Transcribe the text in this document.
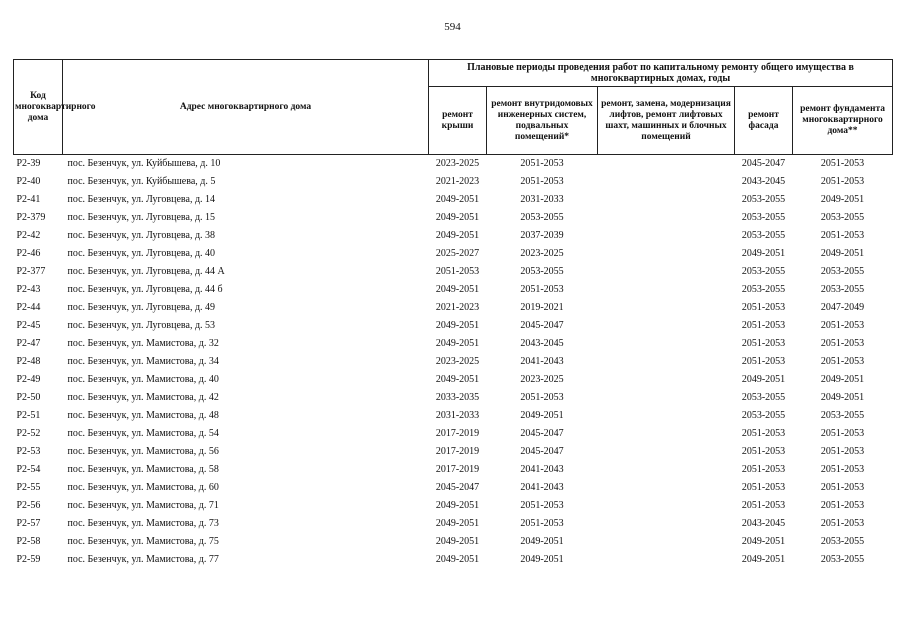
594
Код многоквартирного дома	Адрес многоквартирного дома	Плановые периоды проведения работ по капитальному ремонту общего имущества в многоквартирных домах, годы				
		ремонт крыши	ремонт внутридомовых инженерных систем, подвальных помещений*	ремонт, замена, модернизация лифтов, ремонт лифтовых шахт, машинных и блочных помещений	ремонт фасада	ремонт фундамента многоквартирного дома**
P2-39	пос. Безенчук, ул. Куйбышева, д. 10	2023-2025	2051-2053		2045-2047	2051-2053
P2-40	пос. Безенчук, ул. Куйбышева, д. 5	2021-2023	2051-2053		2043-2045	2051-2053
P2-41	пос. Безенчук, ул. Луговцева, д. 14	2049-2051	2031-2033		2053-2055	2049-2051
P2-379	пос. Безенчук, ул. Луговцева, д. 15	2049-2051	2053-2055		2053-2055	2053-2055
P2-42	пос. Безенчук, ул. Луговцева, д. 38	2049-2051	2037-2039		2053-2055	2051-2053
P2-46	пос. Безенчук, ул. Луговцева, д. 40	2025-2027	2023-2025		2049-2051	2049-2051
P2-377	пос. Безенчук, ул. Луговцева, д. 44 А	2051-2053	2053-2055		2053-2055	2053-2055
P2-43	пос. Безенчук, ул. Луговцева, д. 44 б	2049-2051	2051-2053		2053-2055	2053-2055
P2-44	пос. Безенчук, ул. Луговцева, д. 49	2021-2023	2019-2021		2051-2053	2047-2049
P2-45	пос. Безенчук, ул. Луговцева, д. 53	2049-2051	2045-2047		2051-2053	2051-2053
P2-47	пос. Безенчук, ул. Мамистова, д. 32	2049-2051	2043-2045		2051-2053	2051-2053
P2-48	пос. Безенчук, ул. Мамистова, д. 34	2023-2025	2041-2043		2051-2053	2051-2053
P2-49	пос. Безенчук, ул. Мамистова, д. 40	2049-2051	2023-2025		2049-2051	2049-2051
P2-50	пос. Безенчук, ул. Мамистова, д. 42	2033-2035	2051-2053		2053-2055	2049-2051
P2-51	пос. Безенчук, ул. Мамистова, д. 48	2031-2033	2049-2051		2053-2055	2053-2055
P2-52	пос. Безенчук, ул. Мамистова, д. 54	2017-2019	2045-2047		2051-2053	2051-2053
P2-53	пос. Безенчук, ул. Мамистова, д. 56	2017-2019	2045-2047		2051-2053	2051-2053
P2-54	пос. Безенчук, ул. Мамистова, д. 58	2017-2019	2041-2043		2051-2053	2051-2053
P2-55	пос. Безенчук, ул. Мамистова, д. 60	2045-2047	2041-2043		2051-2053	2051-2053
P2-56	пос. Безенчук, ул. Мамистова, д. 71	2049-2051	2051-2053		2051-2053	2051-2053
P2-57	пос. Безенчук, ул. Мамистова, д. 73	2049-2051	2051-2053		2043-2045	2051-2053
P2-58	пос. Безенчук, ул. Мамистова, д. 75	2049-2051	2049-2051		2049-2051	2053-2055
P2-59	пос. Безенчук, ул. Мамистова, д. 77	2049-2051	2049-2051		2049-2051	2053-2055
